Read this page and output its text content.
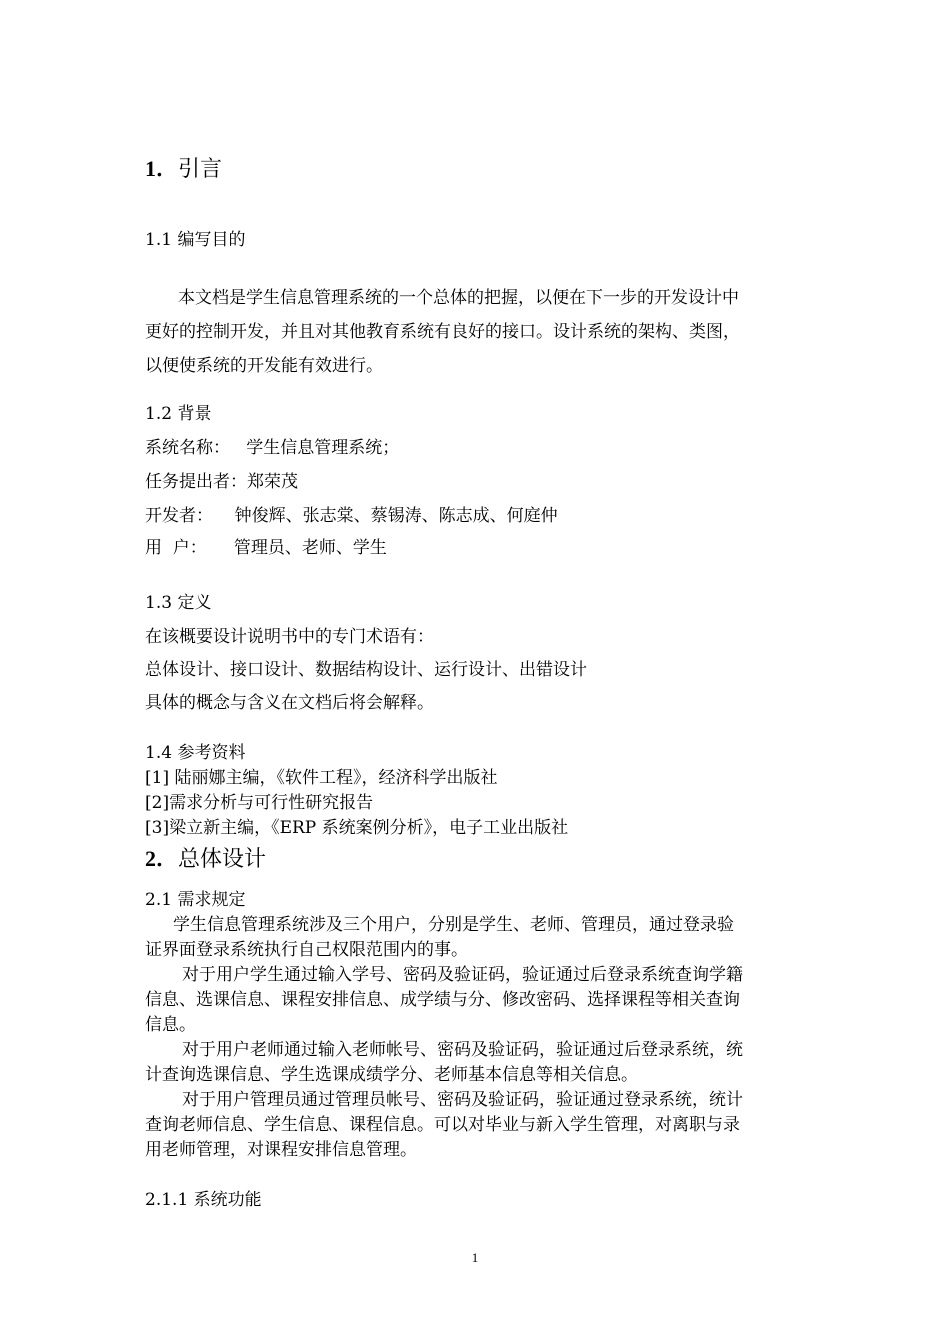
1．引言
1.1 编写目的
本文档是学生信息管理系统的一个总体的把握，以便在下一步的开发设计中
更好的控制开发，并且对其他教育系统有良好的接口。设计系统的架构、类图，
以便使系统的开发能有效进行。
1.2 背景
系统名称：   学生信息管理系统；
任务提出者：郑荣茂
开发者：    钟俊辉、张志棠、蔡锡涛、陈志成、何庭仲
用  户：     管理员、老师、学生
1.3 定义
在该概要设计说明书中的专门术语有：
总体设计、接口设计、数据结构设计、运行设计、出错设计
具体的概念与含义在文档后将会解释。
1.4 参考资料
[1] 陆丽娜主编，《软件工程》，经济科学出版社
[2]需求分析与可行性研究报告
[3]梁立新主编，《ERP 系统案例分析》，电子工业出版社
2．总体设计
2.1 需求规定
学生信息管理系统涉及三个用户，分别是学生、老师、管理员，通过登录验
证界面登录系统执行自己权限范围内的事。
对于用户学生通过输入学号、密码及验证码，验证通过后登录系统查询学籍
信息、选课信息、课程安排信息、成学绩与分、修改密码、选择课程等相关查询
信息。
对于用户老师通过输入老师帐号、密码及验证码，验证通过后登录系统，统
计查询选课信息、学生选课成绩学分、老师基本信息等相关信息。
对于用户管理员通过管理员帐号、密码及验证码，验证通过登录系统，统计
查询老师信息、学生信息、课程信息。可以对毕业与新入学生管理，对离职与录
用老师管理，对课程安排信息管理。
2.1.1 系统功能
1
